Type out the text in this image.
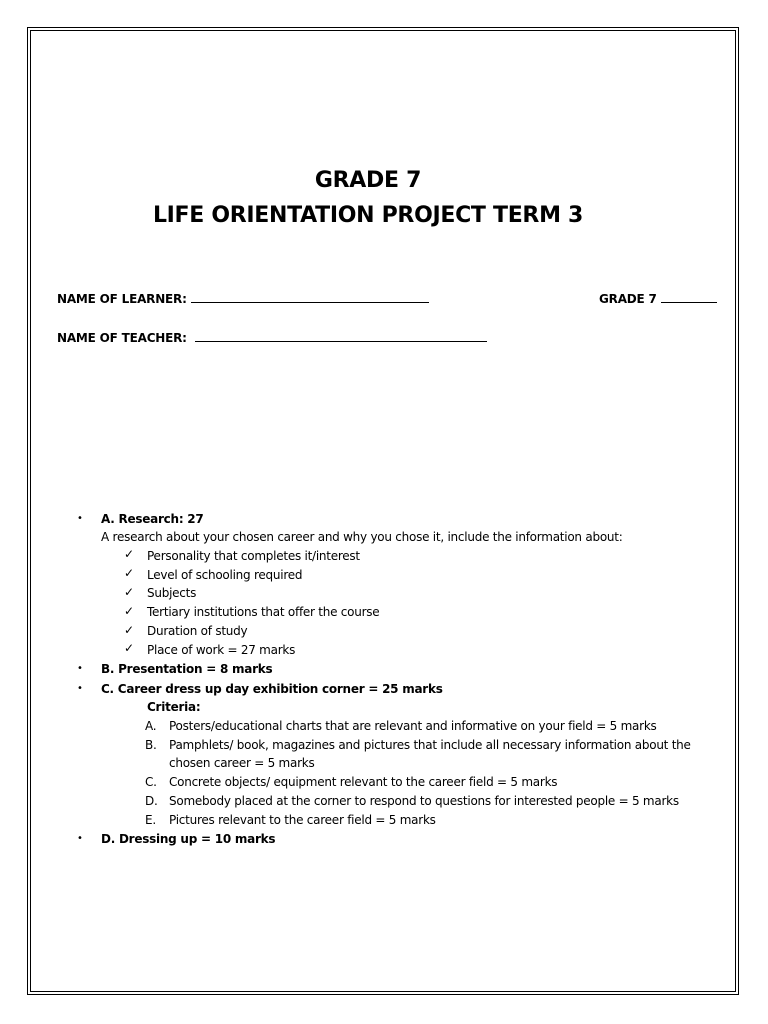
GRADE 7
LIFE ORIENTATION PROJECT TERM 3
NAME OF LEARNER:	GRADE 7
NAME OF TEACHER:
• A. Research: 27
A research about your chosen career and why you chose it, include the information about:
✓ Personality that completes it/interest
✓ Level of schooling required
✓ Subjects
✓ Tertiary institutions that offer the course
✓ Duration of study
✓ Place of work = 27 marks
• B. Presentation = 8 marks
• C. Career dress up day exhibition corner = 25 marks
Criteria:
A. Posters/educational charts that are relevant and informative on your field = 5 marks
B. Pamphlets/ book, magazines and pictures that include all necessary information about the
chosen career = 5 marks
C. Concrete objects/ equipment relevant to the career field = 5 marks
D. Somebody placed at the corner to respond to questions for interested people = 5 marks
E. Pictures relevant to the career field = 5 marks
• D. Dressing up = 10 marks
